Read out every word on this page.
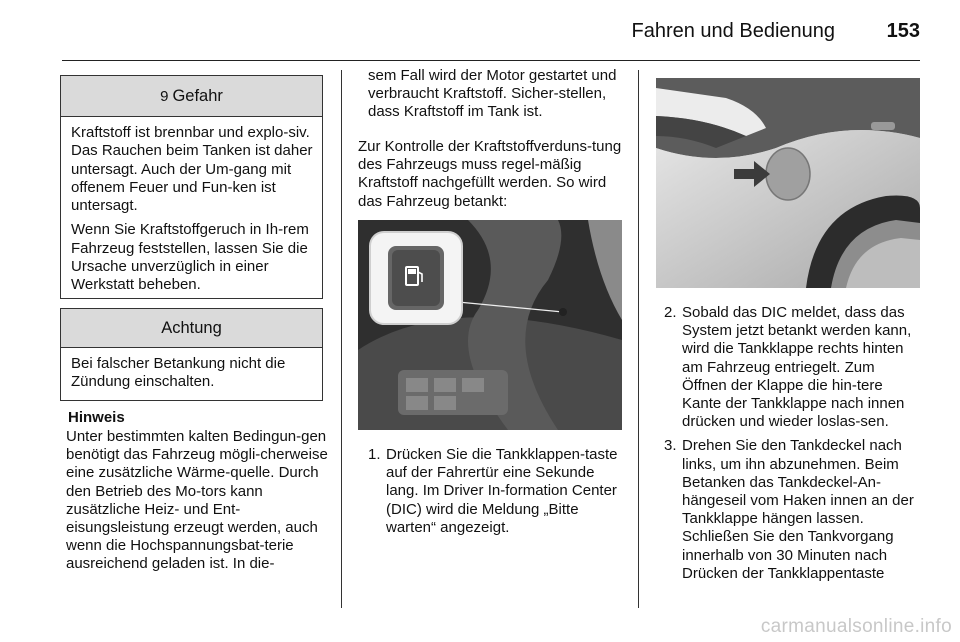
Fahren und Bedienung	153
9 Gefahr

Kraftstoff ist brennbar und explo-siv. Das Rauchen beim Tanken ist daher untersagt. Auch der Um-gang mit offenem Feuer und Fun-ken ist untersagt.

Wenn Sie Kraftstoffgeruch in Ih-rem Fahrzeug feststellen, lassen Sie die Ursache unverzüglich in einer Werkstatt beheben.

Achtung

Bei falscher Betankung nicht die Zündung einschalten.

Hinweis
Unter bestimmten kalten Bedingun-gen benötigt das Fahrzeug mögli-cherweise eine zusätzliche Wärme-quelle. Durch den Betrieb des Mo-tors kann zusätzliche Heiz- und Ent-eisungsleistung erzeugt werden, auch wenn die Hochspannungsbat-terie ausreichend geladen ist. In die-

sem Fall wird der Motor gestartet und verbraucht Kraftstoff. Sicher-stellen, dass Kraftstoff im Tank ist.

Zur Kontrolle der Kraftstoffverduns-tung des Fahrzeugs muss regel-mäßig Kraftstoff nachgefüllt werden. So wird das Fahrzeug betankt:

1. Drücken Sie die Tankklappen-taste auf der Fahrertür eine Sekunde lang. Im Driver In-formation Center (DIC) wird die Meldung „Bitte warten“ angezeigt.
2. Sobald das DIC meldet, dass das System jetzt betankt werden kann, wird die Tankklappe rechts hinten am Fahrzeug entriegelt. Zum Öffnen der Klappe die hin-tere Kante der Tankklappe nach innen drücken und wieder loslas-sen.
3. Drehen Sie den Tankdeckel nach links, um ihn abzunehmen. Beim Betanken das Tankdeckel-An-hängeseil vom Haken innen an der Tankklappe hängen lassen. Schließen Sie den Tankvorgang innerhalb von 30 Minuten nach Drücken der Tankklappentaste
carmanualsonline.info
